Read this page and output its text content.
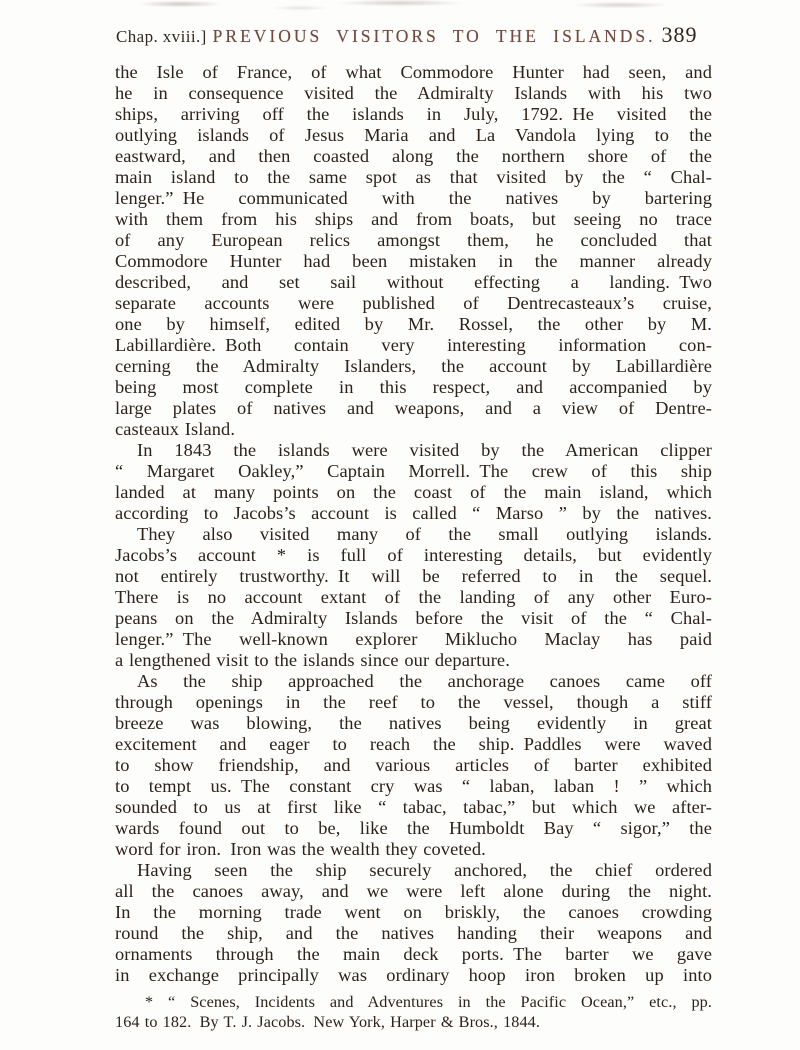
Chap. xviii.] PREVIOUS VISITORS TO THE ISLANDS. 389
the Isle of France, of what Commodore Hunter had seen, and
he in consequence visited the Admiralty Islands with his two
ships, arriving off the islands in July, 1792. He visited the
outlying islands of Jesus Maria and La Vandola lying to the
eastward, and then coasted along the northern shore of the
main island to the same spot as that visited by the “ Chal-
lenger.” He communicated with the natives by bartering
with them from his ships and from boats, but seeing no trace
of any European relics amongst them, he concluded that
Commodore Hunter had been mistaken in the manner already
described, and set sail without effecting a landing. Two
separate accounts were published of Dentrecasteaux’s cruise,
one by himself, edited by Mr. Rossel, the other by M.
Labillardière. Both contain very interesting information con-
cerning the Admiralty Islanders, the account by Labillardière
being most complete in this respect, and accompanied by
large plates of natives and weapons, and a view of Dentre-
casteaux Island.
In 1843 the islands were visited by the American clipper
“ Margaret Oakley,” Captain Morrell. The crew of this ship
landed at many points on the coast of the main island, which
according to Jacobs’s account is called “ Marso ” by the natives.
They also visited many of the small outlying islands.
Jacobs’s account * is full of interesting details, but evidently
not entirely trustworthy. It will be referred to in the sequel.
There is no account extant of the landing of any other Euro-
peans on the Admiralty Islands before the visit of the “ Chal-
lenger.” The well-known explorer Miklucho Maclay has paid
a lengthened visit to the islands since our departure.
As the ship approached the anchorage canoes came off
through openings in the reef to the vessel, though a stiff
breeze was blowing, the natives being evidently in great
excitement and eager to reach the ship. Paddles were waved
to show friendship, and various articles of barter exhibited
to tempt us. The constant cry was “ laban, laban ! ” which
sounded to us at first like “ tabac, tabac,” but which we after-
wards found out to be, like the Humboldt Bay “ sigor,” the
word for iron. Iron was the wealth they coveted.
Having seen the ship securely anchored, the chief ordered
all the canoes away, and we were left alone during the night.
In the morning trade went on briskly, the canoes crowding
round the ship, and the natives handing their weapons and
ornaments through the main deck ports. The barter we gave
in exchange principally was ordinary hoop iron broken up into
* “ Scenes, Incidents and Adventures in the Pacific Ocean,” etc., pp.
164 to 182. By T. J. Jacobs. New York, Harper & Bros., 1844.
